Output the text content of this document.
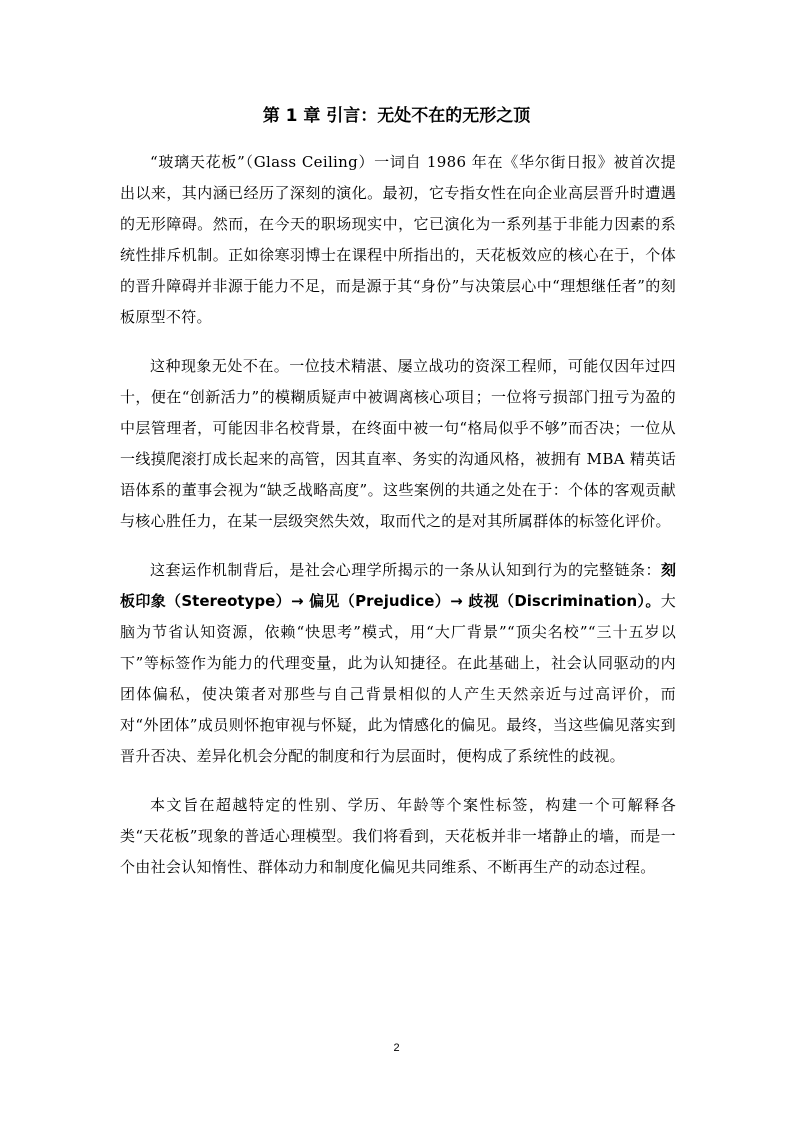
第 1 章 引言：无处不在的无形之顶

“玻璃天花板”（Glass Ceiling）一词自 1986 年在《华尔街日报》被首次提出以来，其内涵已经历了深刻的演化。最初，它专指女性在向企业高层晋升时遭遇的无形障碍。然而，在今天的职场现实中，它已演化为一系列基于非能力因素的系统性排斥机制。正如徐寒羽博士在课程中所指出的，天花板效应的核心在于，个体的晋升障碍并非源于能力不足，而是源于其“身份”与决策层心中“理想继任者”的刻板原型不符。

这种现象无处不在。一位技术精湛、屡立战功的资深工程师，可能仅因年过四十，便在“创新活力”的模糊质疑声中被调离核心项目；一位将亏损部门扭亏为盈的中层管理者，可能因非名校背景，在终面中被一句“格局似乎不够”而否决；一位从一线摸爬滚打成长起来的高管，因其直率、务实的沟通风格，被拥有 MBA 精英话语体系的董事会视为“缺乏战略高度”。这些案例的共通之处在于：个体的客观贡献与核心胜任力，在某一层级突然失效，取而代之的是对其所属群体的标签化评价。

这套运作机制背后，是社会心理学所揭示的一条从认知到行为的完整链条：刻板印象（Stereotype）→ 偏见（Prejudice）→ 歧视（Discrimination）。大脑为节省认知资源，依赖“快思考”模式，用“大厂背景”“顶尖名校”“三十五岁以下”等标签作为能力的代理变量，此为认知捷径。在此基础上，社会认同驱动的内团体偏私，使决策者对那些与自己背景相似的人产生天然亲近与过高评价，而对“外团体”成员则怀抱审视与怀疑，此为情感化的偏见。最终，当这些偏见落实到晋升否决、差异化机会分配的制度和行为层面时，便构成了系统性的歧视。

本文旨在超越特定的性别、学历、年龄等个案性标签，构建一个可解释各类“天花板”现象的普适心理模型。我们将看到，天花板并非一堵静止的墙，而是一个由社会认知惰性、群体动力和制度化偏见共同维系、不断再生产的动态过程。

2
